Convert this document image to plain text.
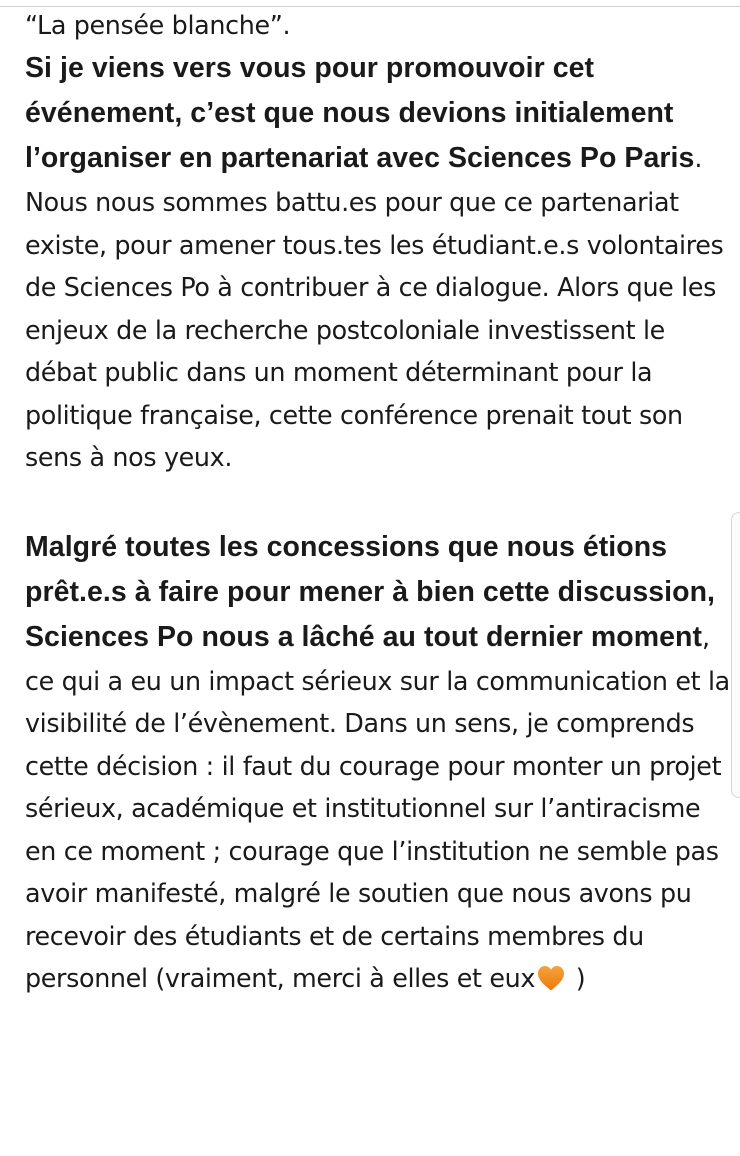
“La pensée blanche”.

Si je viens vers vous pour promouvoir cet événement, c’est que nous devions initialement l’organiser en partenariat avec Sciences Po Paris. Nous nous sommes battu.es pour que ce partenariat existe, pour amener tous.tes les étudiant.e.s volontaires de Sciences Po à contribuer à ce dialogue. Alors que les enjeux de la recherche postcoloniale investissent le débat public dans un moment déterminant pour la politique française, cette conférence prenait tout son sens à nos yeux.

Malgré toutes les concessions que nous étions prêt.e.s à faire pour mener à bien cette discussion, Sciences Po nous a lâché au tout dernier moment, ce qui a eu un impact sérieux sur la communication et la visibilité de l’évènement. Dans un sens, je comprends cette décision : il faut du courage pour monter un projet sérieux, académique et institutionnel sur l’antiracisme en ce moment ; courage que l’institution ne semble pas avoir manifesté, malgré le soutien que nous avons pu recevoir des étudiants et de certains membres du personnel (vraiment, merci à elles et eux
)
